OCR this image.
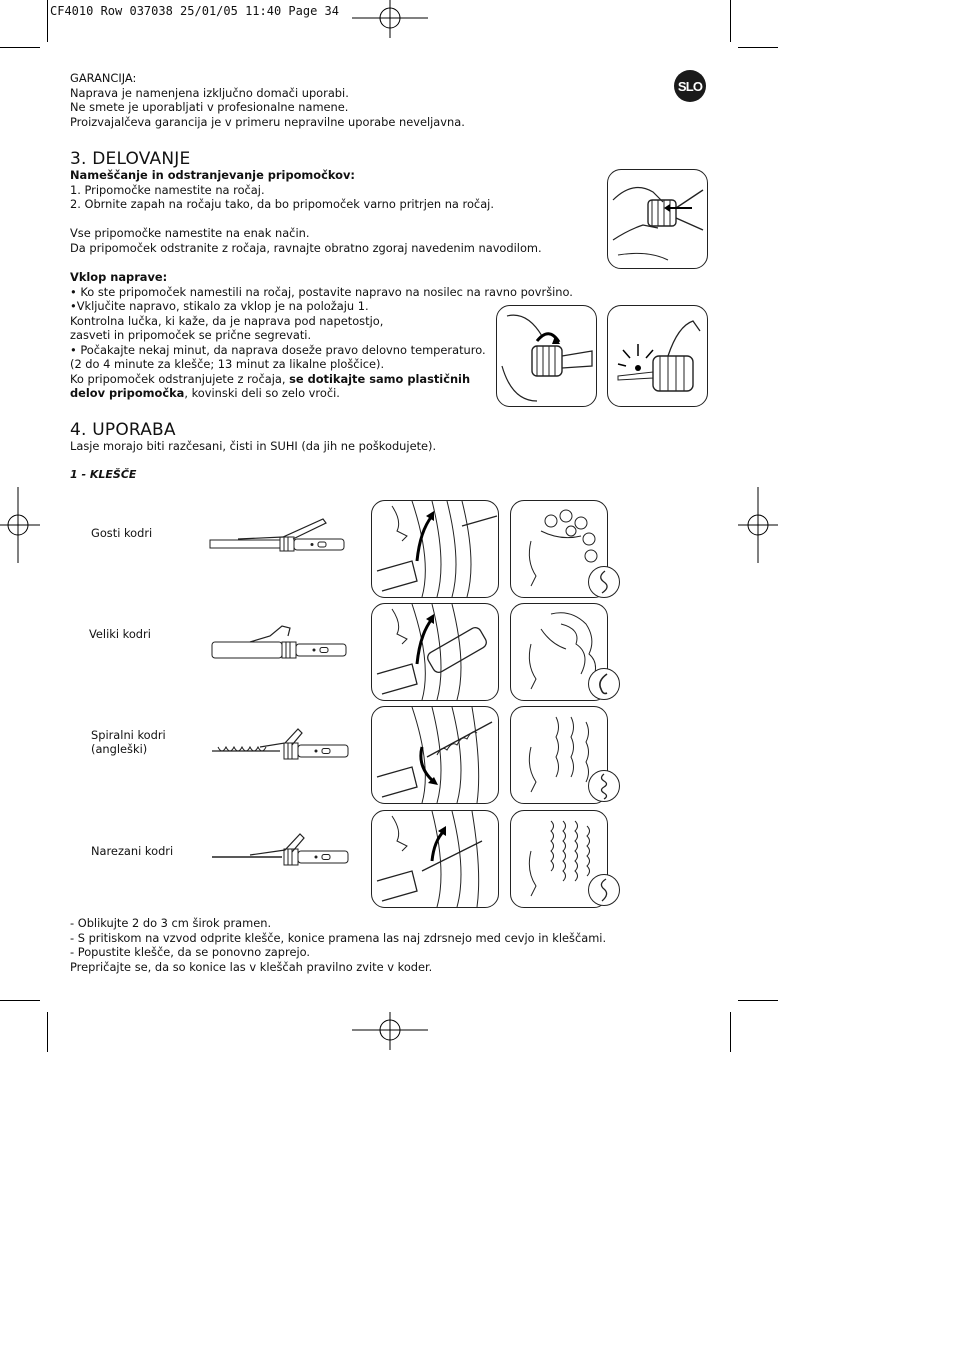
CF4010 Row 037038 25/01/05 11:40 Page 34
SLO
GARANCIJA:
Naprava je namenjena izključno domači uporabi.
Ne smete je uporabljati v profesionalne namene.
Proizvajalčeva garancija je v primeru nepravilne uporabe neveljavna.
3. DELOVANJE
Nameščanje in odstranjevanje pripomočkov:
1. Pripomočke namestite na ročaj.
2. Obrnite zapah na ročaju tako, da bo pripomoček varno pritrjen na ročaj.
Vse pripomočke namestite na enak način.
Da pripomoček odstranite z ročaja, ravnajte obratno zgoraj navedenim navodilom.
Vklop naprave:
• Ko ste pripomoček namestili na ročaj, postavite napravo na nosilec na ravno površino.
•Vključite napravo, stikalo za vklop je na položaju 1.
Kontrolna lučka, ki kaže, da je naprava pod napetostjo,
zasveti in pripomoček se prične segrevati.
• Počakajte nekaj minut, da naprava doseže pravo delovno temperaturo.
(2 do 4 minute za klešče; 13 minut za likalne ploščice).
Ko pripomoček odstranjujete z ročaja, se dotikajte samo plastičnih
delov pripomočka, kovinski deli so zelo vroči.
4. UPORABA
Lasje morajo biti razčesani, čisti in SUHI (da jih ne poškodujete).
1 - KLEŠČE
Gosti kodri
Veliki kodri
Spiralni kodri
(angleški)
Narezani kodri
- Oblikujte 2 do 3 cm širok pramen.
- S pritiskom na vzvod odprite klešče, konice pramena las naj zdrsnejo med cevjo in kleščami.
- Popustite klešče, da se ponovno zaprejo.
Prepričajte se, da so konice las v kleščah pravilno zvite v koder.
